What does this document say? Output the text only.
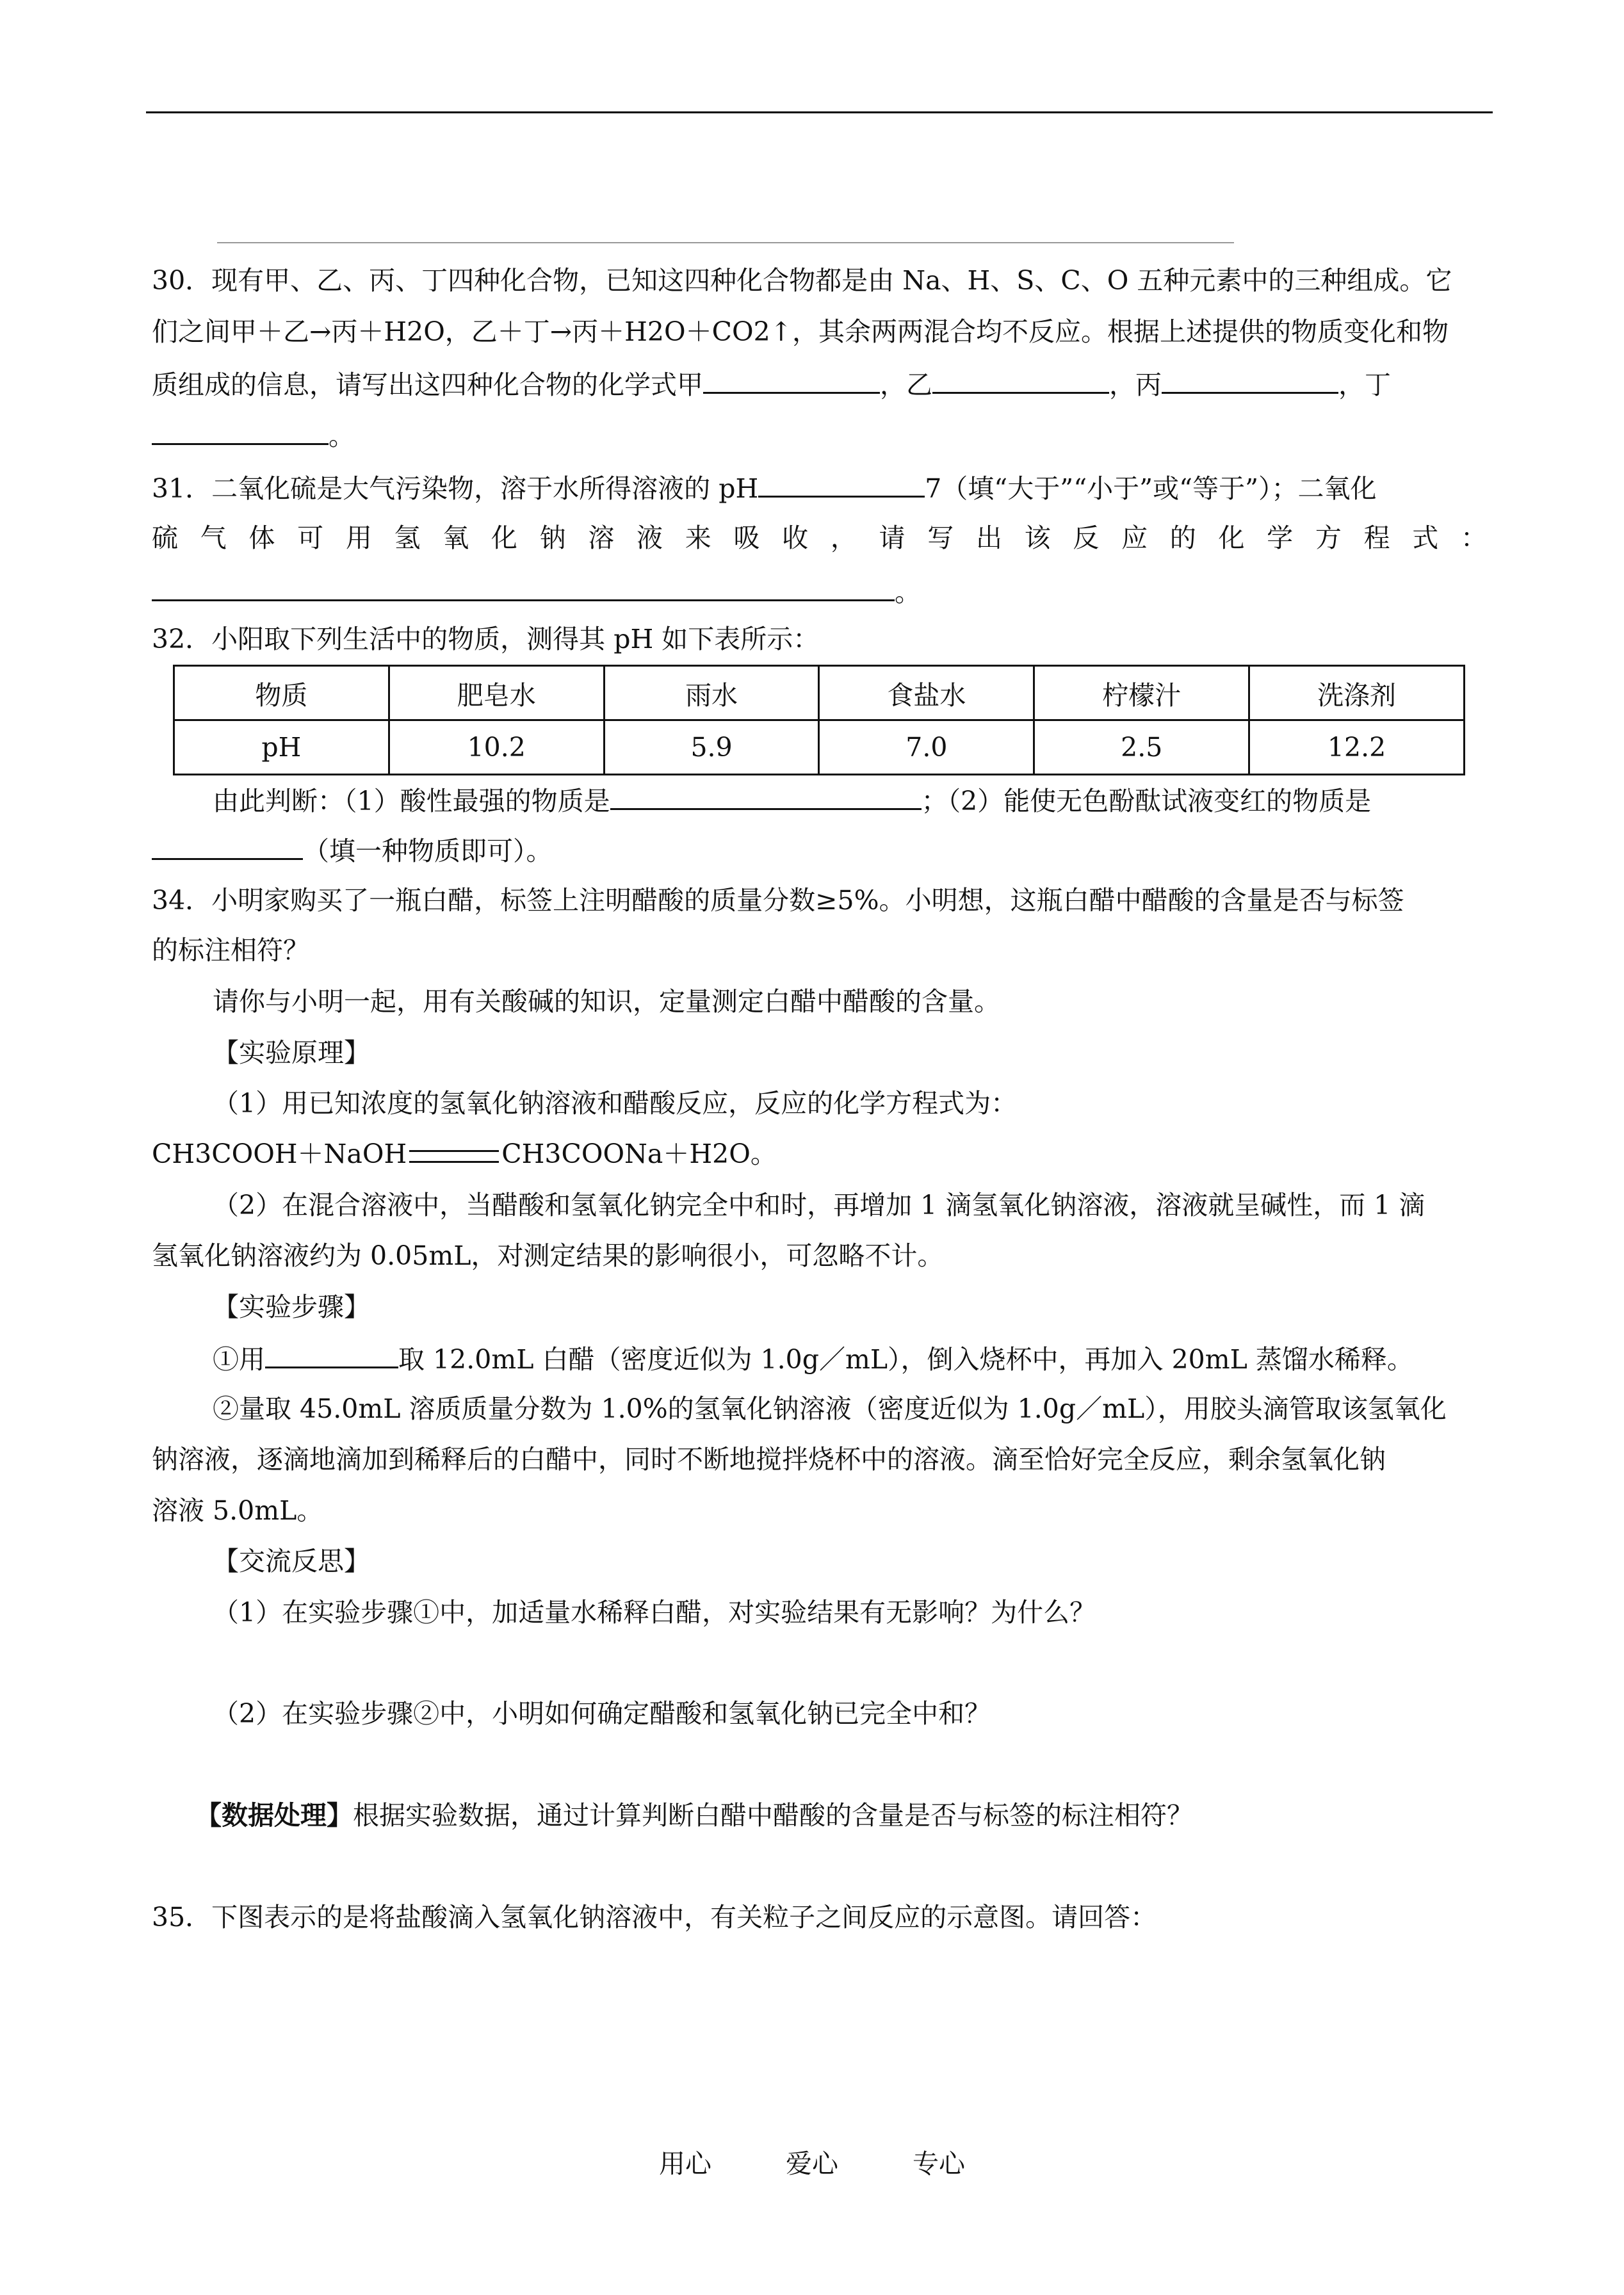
30．现有甲、乙、丙、丁四种化合物，已知这四种化合物都是由 Na、H、S、C、O 五种元素中的三种组成。它
们之间甲＋乙→丙＋H2O，乙＋丁→丙＋H2O＋CO2↑，其余两两混合均不反应。根据上述提供的物质变化和物
质组成的信息，请写出这四种化合物的化学式甲	，乙	，丙	，丁
。
31．二氧化硫是大气污染物，溶于水所得溶液的 pH	7（填“大于”“小于”或“等于”）；二氧化
硫 气 体 可 用 氢 氧 化 钠 溶 液 来 吸 收 ， 请 写 出 该 反 应 的 化 学 方 程 式 ：
。
32．小阳取下列生活中的物质，测得其 pH 如下表所示：
物质	肥皂水	雨水	食盐水	柠檬汁	洗涤剂
pH	10.2	5.9	7.0	2.5	12.2
由此判断：（1）酸性最强的物质是	；（2）能使无色酚酞试液变红的物质是
（填一种物质即可）。
34．小明家购买了一瓶白醋，标签上注明醋酸的质量分数≥5%。小明想，这瓶白醋中醋酸的含量是否与标签
的标注相符？
请你与小明一起，用有关酸碱的知识，定量测定白醋中醋酸的含量。
【实验原理】
（1）用已知浓度的氢氧化钠溶液和醋酸反应，反应的化学方程式为：
CH3COOH＋NaOH	CH3COONa＋H2O。
（2）在混合溶液中，当醋酸和氢氧化钠完全中和时，再增加 1 滴氢氧化钠溶液，溶液就呈碱性，而 1 滴
氢氧化钠溶液约为 0.05mL，对测定结果的影响很小，可忽略不计。
【实验步骤】
①用	取 12.0mL 白醋（密度近似为 1.0g／mL），倒入烧杯中，再加入 20mL 蒸馏水稀释。
②量取 45.0mL 溶质质量分数为 1.0%的氢氧化钠溶液（密度近似为 1.0g／mL），用胶头滴管取该氢氧化
钠溶液，逐滴地滴加到稀释后的白醋中，同时不断地搅拌烧杯中的溶液。滴至恰好完全反应，剩余氢氧化钠
溶液 5.0mL。
【交流反思】
（1）在实验步骤①中，加适量水稀释白醋，对实验结果有无影响？为什么？
（2）在实验步骤②中，小明如何确定醋酸和氢氧化钠已完全中和？
【数据处理】根据实验数据，通过计算判断白醋中醋酸的含量是否与标签的标注相符？
35．下图表示的是将盐酸滴入氢氧化钠溶液中，有关粒子之间反应的示意图。请回答：
用心	爱心	专心
